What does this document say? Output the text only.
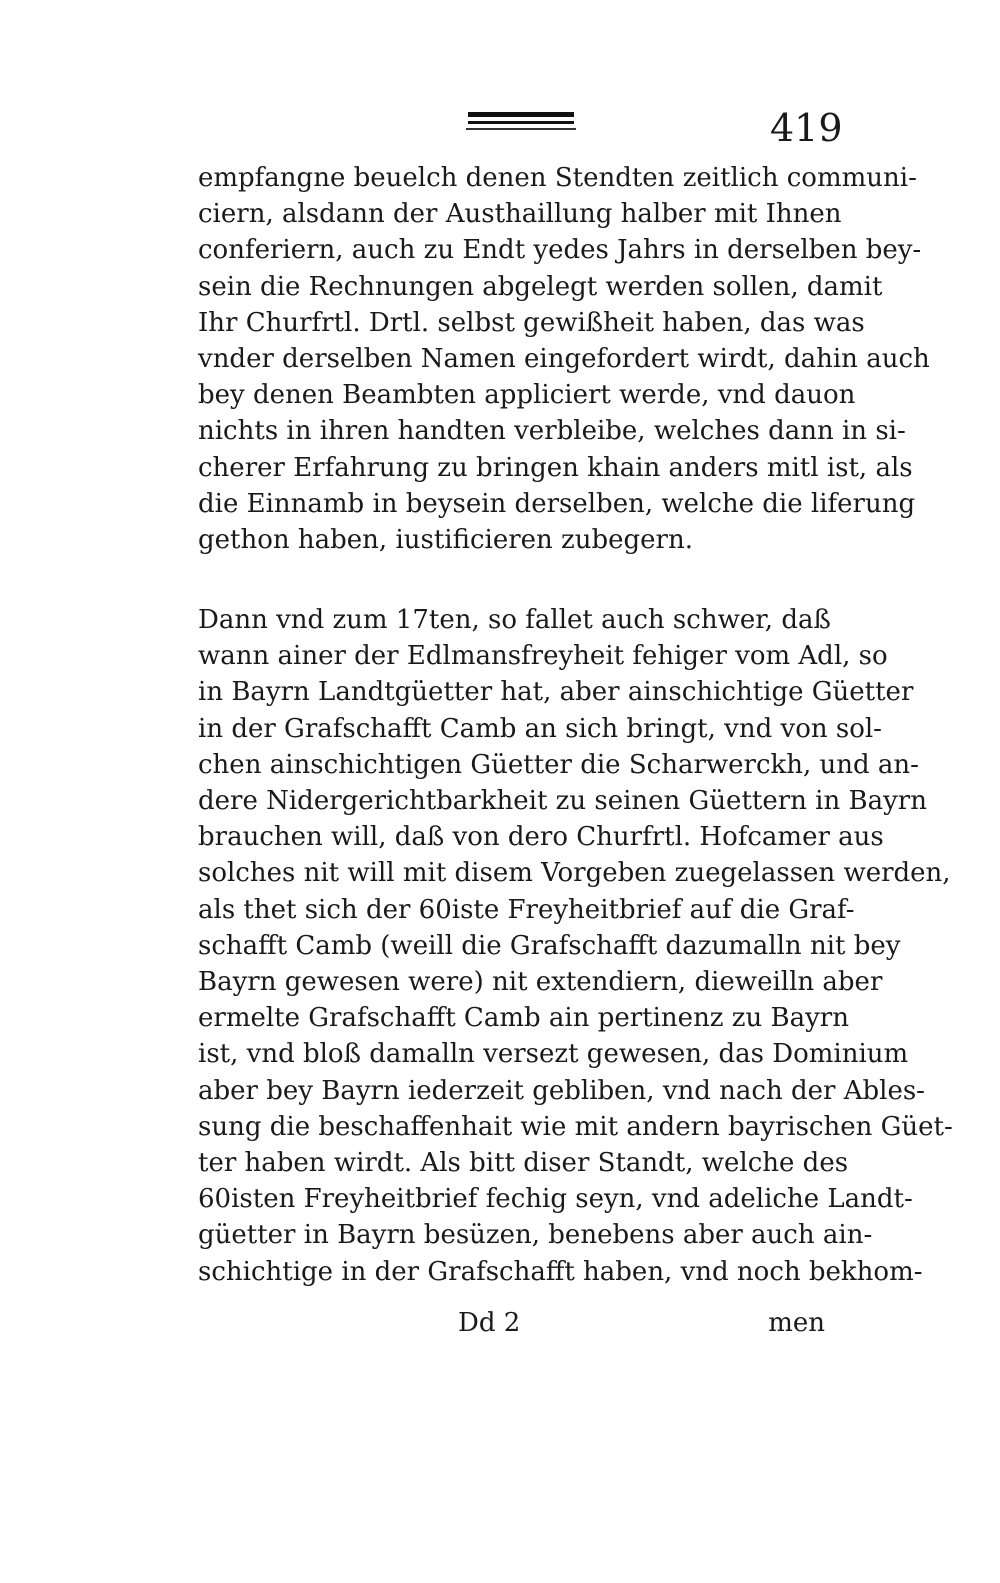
419
empfangne beuelch denen Stendten zeitlich communi-
ciern, alsdann der Austhaillung halber mit Ihnen
conferiern, auch zu Endt yedes Jahrs in derselben bey-
sein die Rechnungen abgelegt werden sollen, damit
Ihr Churfrtl. Drtl. selbst gewißheit haben, das was
vnder derselben Namen eingefordert wirdt, dahin auch
bey denen Beambten appliciert werde, vnd dauon
nichts in ihren handten verbleibe, welches dann in si-
cherer Erfahrung zu bringen khain anders mitl ist, als
die Einnamb in beysein derselben, welche die liferung
gethon haben, iustificieren zubegern.
Dann vnd zum 17ten, so fallet auch schwer, daß
wann ainer der Edlmansfreyheit fehiger vom Adl, so
in Bayrn Landtgüetter hat, aber ainschichtige Güetter
in der Grafschafft Camb an sich bringt, vnd von sol-
chen ainschichtigen Güetter die Scharwerckh, und an-
dere Nidergerichtbarkheit zu seinen Güettern in Bayrn
brauchen will, daß von dero Churfrtl. Hofcamer aus
solches nit will mit disem Vorgeben zuegelassen werden,
als thet sich der 60iste Freyheitbrief auf die Graf-
schafft Camb (weill die Grafschafft dazumalln nit bey
Bayrn gewesen were) nit extendiern, dieweilln aber
ermelte Grafschafft Camb ain pertinenz zu Bayrn
ist, vnd bloß damalln versezt gewesen, das Dominium
aber bey Bayrn iederzeit gebliben, vnd nach der Ables-
sung die beschaffenhait wie mit andern bayrischen Güet-
ter haben wirdt. Als bitt diser Standt, welche des
60isten Freyheitbrief fechig seyn, vnd adeliche Landt-
güetter in Bayrn besüzen, benebens aber auch ain-
schichtige in der Grafschafft haben, vnd noch bekhom-
Dd 2	men
